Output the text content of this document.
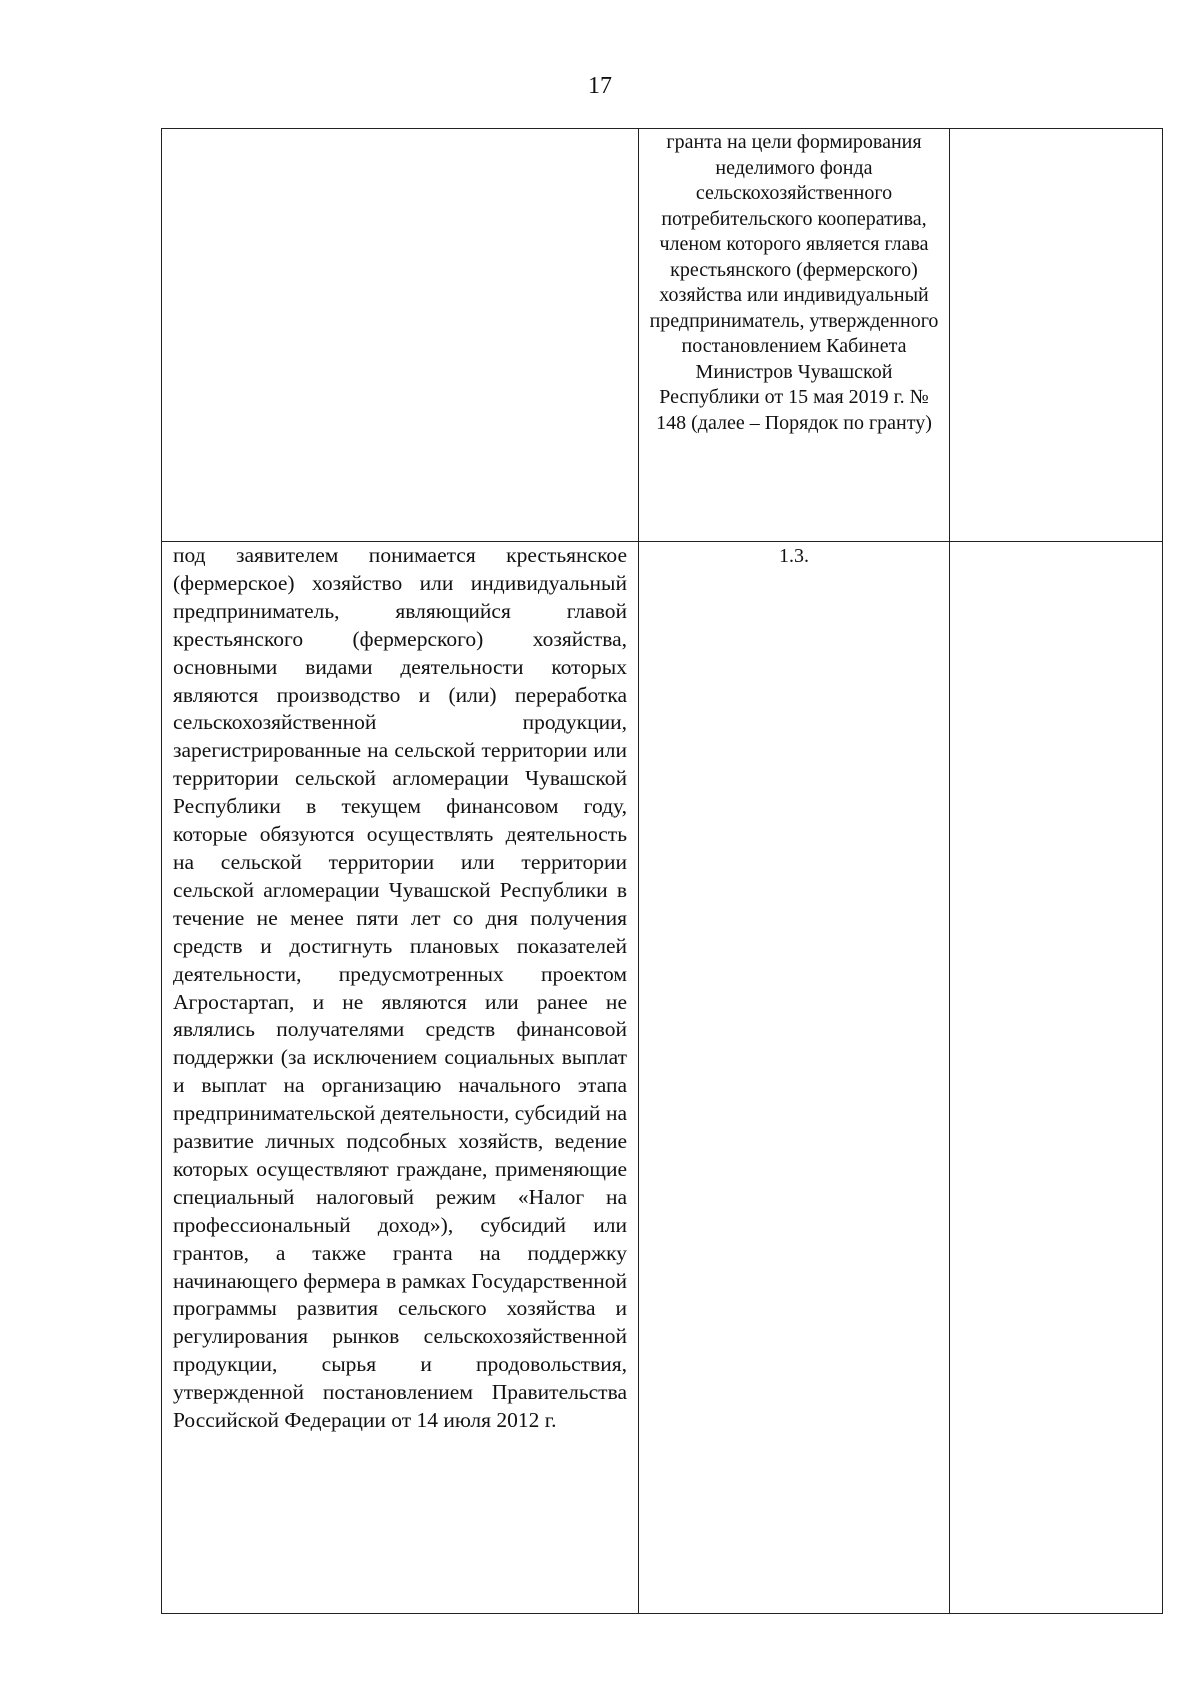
17

	гранта на цели формирования неделимого фонда сельскохозяйственного потребительского кооператива, членом которого является глава крестьянского (фермерского) хозяйства или индивидуальный предприниматель, утвержденного постановлением Кабинета Министров Чувашской Республики от 15 мая 2019 г. № 148 (далее – Порядок по гранту)	

под заявителем понимается крестьянское (фермерское) хозяйство или индивидуальный предприниматель, являющийся главой крестьянского (фермерского) хозяйства, основными видами деятельности которых являются производство и (или) переработка сельскохозяйственной продукции, зарегистрированные на сельской территории или территории сельской агломерации Чувашской Республики в текущем финансовом году, которые обязуются осуществлять деятельность на сельской территории или территории сельской агломерации Чувашской Республики в течение не менее пяти лет со дня получения средств и достигнуть плановых показателей деятельности, предусмотренных проектом Агростартап, и не являются или ранее не являлись получателями средств финансовой поддержки (за исключением социальных выплат и выплат на организацию начального этапа предпринимательской деятельности, субсидий на развитие личных подсобных хозяйств, ведение которых осуществляют граждане, применяющие специальный налоговый режим «Налог на профессиональный доход»), субсидий или грантов, а также гранта на поддержку начинающего фермера в рамках Государственной программы развития сельского хозяйства и регулирования рынков сельскохозяйственной продукции, сырья и продовольствия, утвержденной постановлением Правительства Российской Федерации от 14 июля 2012 г.	1.3.	
